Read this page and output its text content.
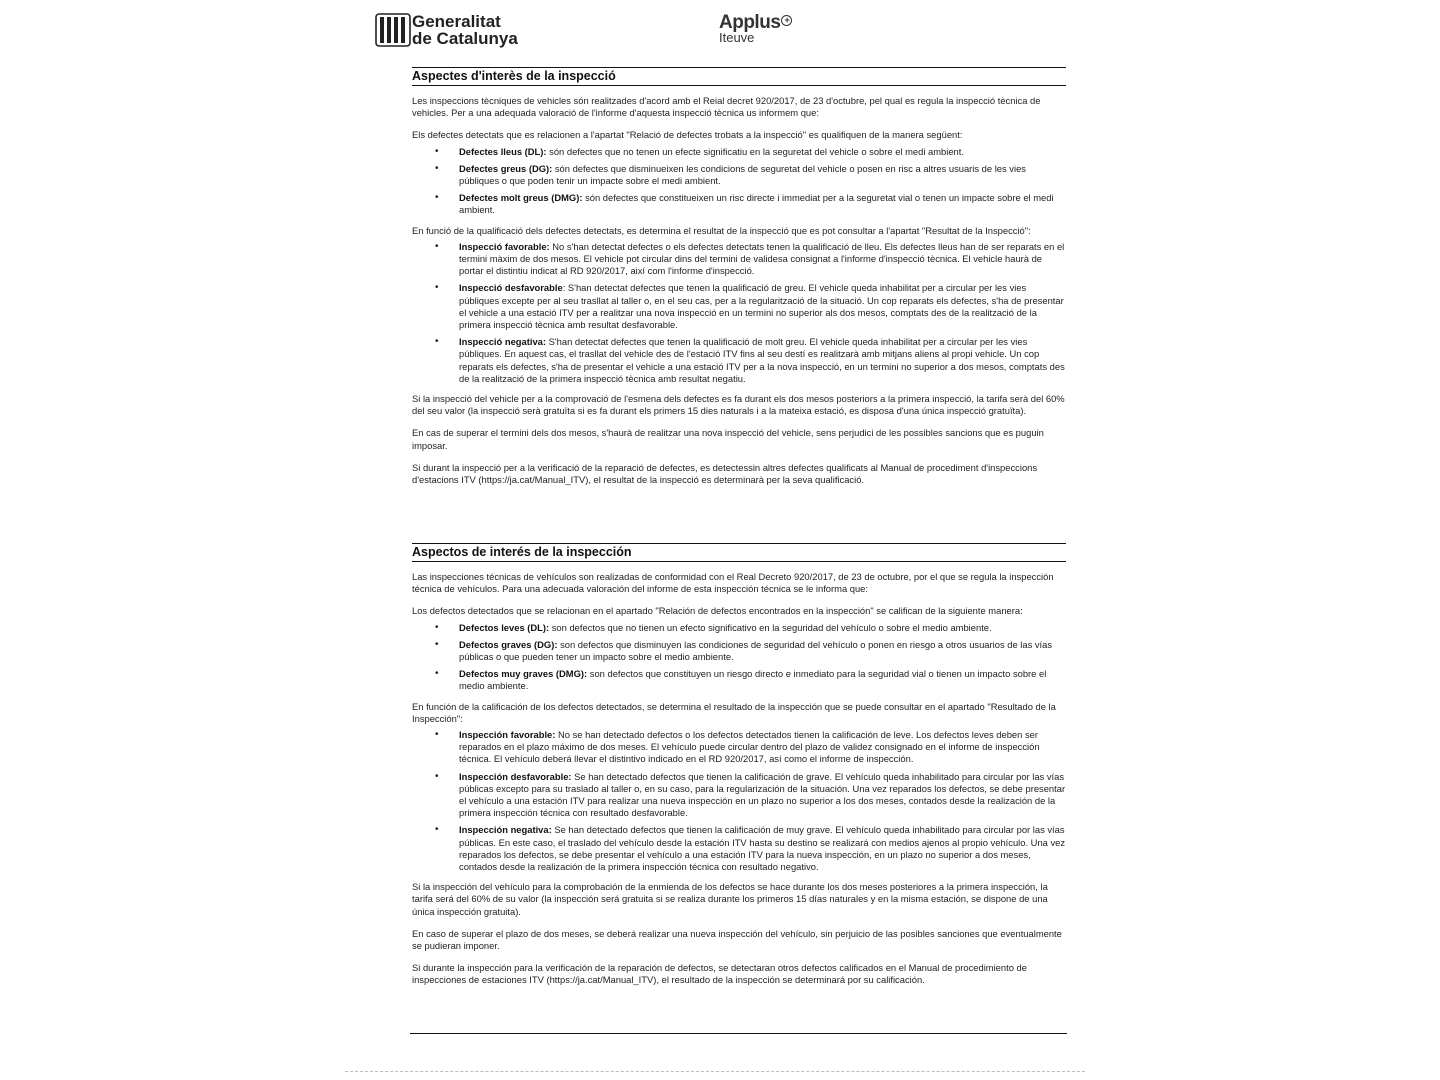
Generalitat
de Catalunya
Applus +
Iteuve
Aspectes d'interès de la inspecció

Les inspeccions tècniques de vehicles són realitzades d'acord amb el Reial decret 920/2017, de 23 d'octubre, pel qual es regula la inspecció tècnica de vehicles. Per a una adequada valoració de l'informe d'aquesta inspecció tècnica us informem que:

Els defectes detectats que es relacionen a l'apartat "Relació de defectes trobats a la inspecció" es qualifiquen de la manera següent:

• Defectes lleus (DL): són defectes que no tenen un efecte significatiu en la seguretat del vehicle o sobre el medi ambient.
• Defectes greus (DG): són defectes que disminueixen les condicions de seguretat del vehicle o posen en risc a altres usuaris de les vies públiques o que poden tenir un impacte sobre el medi ambient.
• Defectes molt greus (DMG): són defectes que constitueixen un risc directe i immediat per a la seguretat vial o tenen un impacte sobre el medi ambient.

En funció de la qualificació dels defectes detectats, es determina el resultat de la inspecció que es pot consultar a l'apartat "Resultat de la Inspecció":

• Inspecció favorable: No s'han detectat defectes o els defectes detectats tenen la qualificació de lleu. Els defectes lleus han de ser reparats en el termini màxim de dos mesos. El vehicle pot circular dins del termini de validesa consignat a l'informe d'inspecció tècnica. El vehicle haurà de portar el distintiu indicat al RD 920/2017, així com l'informe d'inspecció.
• Inspecció desfavorable: S'han detectat defectes que tenen la qualificació de greu. El vehicle queda inhabilitat per a circular per les vies públiques excepte per al seu trasllat al taller o, en el seu cas, per a la regularització de la situació. Un cop reparats els defectes, s'ha de presentar el vehicle a una estació ITV per a realitzar una nova inspecció en un termini no superior als dos mesos, comptats des de la realització de la primera inspecció tècnica amb resultat desfavorable.
• Inspecció negativa: S'han detectat defectes que tenen la qualificació de molt greu. El vehicle queda inhabilitat per a circular per les vies públiques. En aquest cas, el trasllat del vehicle des de l'estació ITV fins al seu destí es realitzarà amb mitjans aliens al propi vehicle. Un cop reparats els defectes, s'ha de presentar el vehicle a una estació ITV per a la nova inspecció, en un termini no superior a dos mesos, comptats des de la realització de la primera inspecció tècnica amb resultat negatiu.

Si la inspecció del vehicle per a la comprovació de l'esmena dels defectes es fa durant els dos mesos posteriors a la primera inspecció, la tarifa serà del 60% del seu valor (la inspecció serà gratuïta si es fa durant els primers 15 dies naturals i a la mateixa estació, es disposa d'una única inspecció gratuïta).

En cas de superar el termini dels dos mesos, s'haurà de realitzar una nova inspecció del vehicle, sens perjudici de les possibles sancions que es puguin imposar.

Si durant la inspecció per a la verificació de la reparació de defectes, es detectessin altres defectes qualificats al Manual de procediment d'inspeccions d'estacions ITV (https://ja.cat/Manual_ITV), el resultat de la inspecció es determinarà per la seva qualificació.

Aspectos de interés de la inspección

Las inspecciones técnicas de vehículos son realizadas de conformidad con el Real Decreto 920/2017, de 23 de octubre, por el que se regula la inspección técnica de vehículos. Para una adecuada valoración del informe de esta inspección técnica se le informa que:

Los defectos detectados que se relacionan en el apartado "Relación de defectos encontrados en la inspección" se califican de la siguiente manera:

• Defectos leves (DL): son defectos que no tienen un efecto significativo en la seguridad del vehículo o sobre el medio ambiente.
• Defectos graves (DG): son defectos que disminuyen las condiciones de seguridad del vehículo o ponen en riesgo a otros usuarios de las vías públicas o que pueden tener un impacto sobre el medio ambiente.
• Defectos muy graves (DMG): son defectos que constituyen un riesgo directo e inmediato para la seguridad vial o tienen un impacto sobre el medio ambiente.

En función de la calificación de los defectos detectados, se determina el resultado de la inspección que se puede consultar en el apartado "Resultado de la Inspección":

• Inspección favorable: No se han detectado defectos o los defectos detectados tienen la calificación de leve. Los defectos leves deben ser reparados en el plazo máximo de dos meses. El vehículo puede circular dentro del plazo de validez consignado en el informe de inspección técnica. El vehículo deberá llevar el distintivo indicado en el RD 920/2017, así como el informe de inspección.
• Inspección desfavorable: Se han detectado defectos que tienen la calificación de grave. El vehículo queda inhabilitado para circular por las vías públicas excepto para su traslado al taller o, en su caso, para la regularización de la situación. Una vez reparados los defectos, se debe presentar el vehículo a una estación ITV para realizar una nueva inspección en un plazo no superior a los dos meses, contados desde la realización de la primera inspección técnica con resultado desfavorable.
• Inspección negativa: Se han detectado defectos que tienen la calificación de muy grave. El vehículo queda inhabilitado para circular por las vías públicas. En este caso, el traslado del vehículo desde la estación ITV hasta su destino se realizará con medios ajenos al propio vehículo. Una vez reparados los defectos, se debe presentar el vehículo a una estación ITV para la nueva inspección, en un plazo no superior a dos meses, contados desde la realización de la primera inspección técnica con resultado negativo.

Si la inspección del vehículo para la comprobación de la enmienda de los defectos se hace durante los dos meses posteriores a la primera inspección, la tarifa será del 60% de su valor (la inspección será gratuita si se realiza durante los primeros 15 días naturales y en la misma estación, se dispone de una única inspección gratuita).

En caso de superar el plazo de dos meses, se deberá realizar una nueva inspección del vehículo, sin perjuicio de las posibles sanciones que eventualmente se pudieran imponer.

Si durante la inspección para la verificación de la reparación de defectos, se detectaran otros defectos calificados en el Manual de procedimiento de inspecciones de estaciones ITV (https://ja.cat/Manual_ITV), el resultado de la inspección se determinará por su calificación.
